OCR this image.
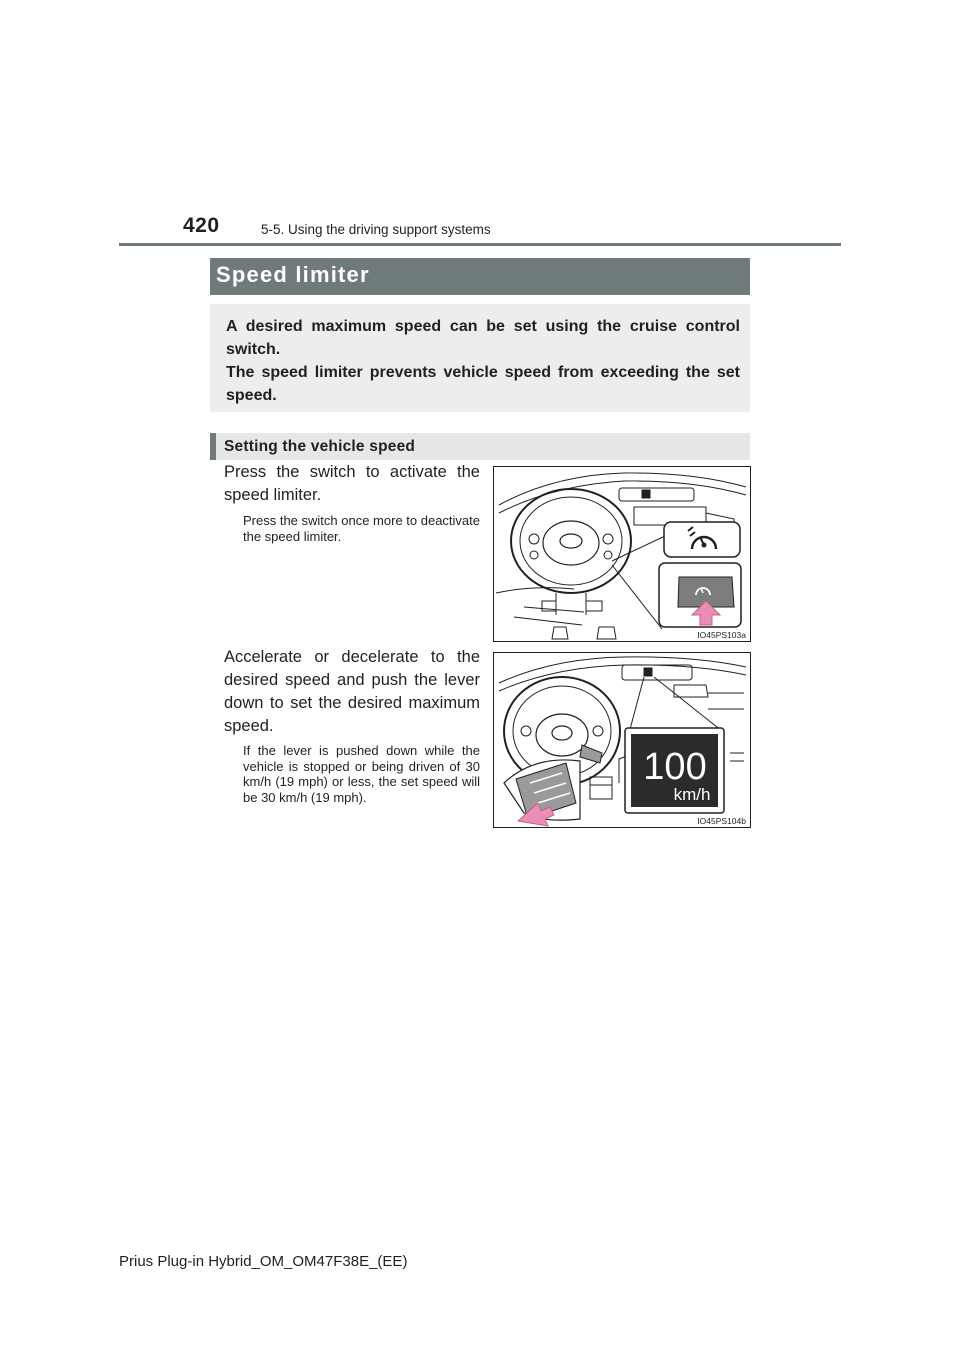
420	5-5. Using the driving support systems
Speed limiter

A desired maximum speed can be set using the cruise control switch.

The speed limiter prevents vehicle speed from exceeding the set speed.

Setting the vehicle speed
Press the switch to activate the speed limiter.
Press the switch once more to deactivate the speed limiter.
Accelerate or decelerate to the desired speed and push the lever down to set the desired maximum speed.
If the lever is pushed down while the vehicle is stopped or being driven of 30 km/h (19 mph) or less, the set speed will be 30 km/h (19 mph).
IO45PS103a
100
km/h
IO45PS104b
Prius Plug-in Hybrid_OM_OM47F38E_(EE)
